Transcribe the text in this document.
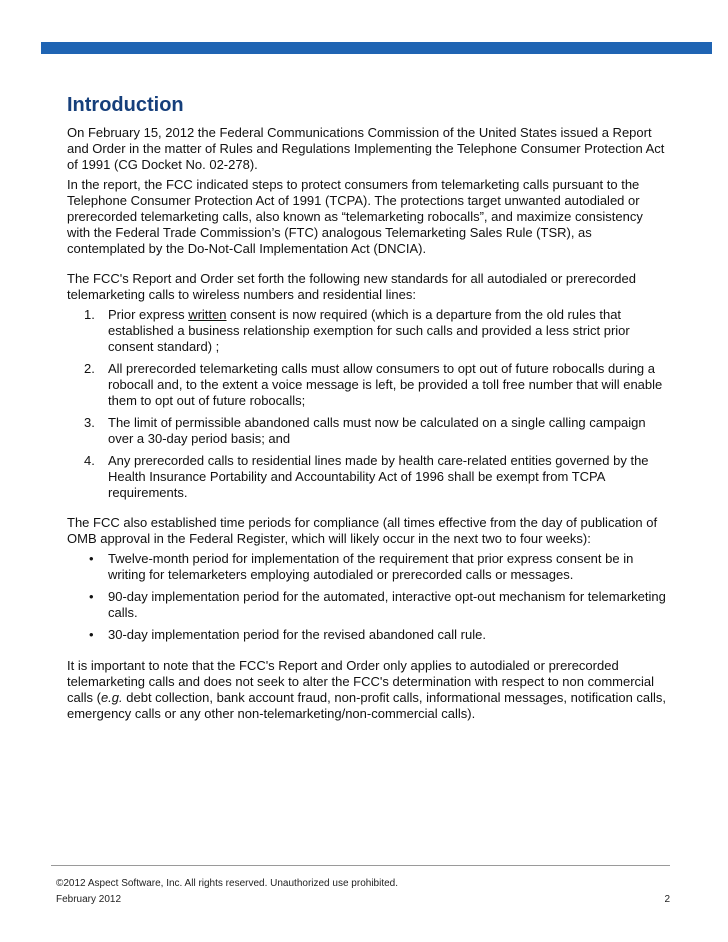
Introduction

On February 15, 2012 the Federal Communications Commission of the United States issued a Report and Order in the matter of Rules and Regulations Implementing the Telephone Consumer Protection Act of 1991 (CG Docket No. 02-278).

In the report, the FCC indicated steps to protect consumers from telemarketing calls pursuant to the Telephone Consumer Protection Act of 1991 (TCPA). The protections target unwanted autodialed or prerecorded telemarketing calls, also known as “telemarketing robocalls”, and maximize consistency with the Federal Trade Commission’s (FTC) analogous Telemarketing Sales Rule (TSR), as contemplated by the Do-Not-Call Implementation Act (DNCIA).

The FCC's Report and Order set forth the following new standards for all autodialed or prerecorded telemarketing calls to wireless numbers and residential lines:

1.	Prior express written consent is now required (which is a departure from the old rules that established a business relationship exemption for such calls and provided a less strict prior consent standard) ;
2.	All prerecorded telemarketing calls must allow consumers to opt out of future robocalls during a robocall and, to the extent a voice message is left, be provided a toll free number that will enable them to opt out of future robocalls;
3.	The limit of permissible abandoned calls must now be calculated on a single calling campaign over a 30-day period basis; and
4.	Any prerecorded calls to residential lines made by health care-related entities governed by the Health Insurance Portability and Accountability Act of 1996 shall be exempt from TCPA requirements.

The FCC also established time periods for compliance (all times effective from the day of publication of OMB approval in the Federal Register, which will likely occur in the next two to four weeks):

•	Twelve-month period for implementation of the requirement that prior express consent be in writing for telemarketers employing autodialed or prerecorded calls or messages.
•	90-day implementation period for the automated, interactive opt-out mechanism for telemarketing calls.
•	30-day implementation period for the revised abandoned call rule.

It is important to note that the FCC's Report and Order only applies to autodialed or prerecorded telemarketing calls and does not seek to alter the FCC's determination with respect to non commercial calls (e.g. debt collection, bank account fraud, non-profit calls, informational messages, notification calls, emergency calls or any other non-telemarketing/non-commercial calls).

©2012 Aspect Software, Inc. All rights reserved. Unauthorized use prohibited.

February 2012	2
